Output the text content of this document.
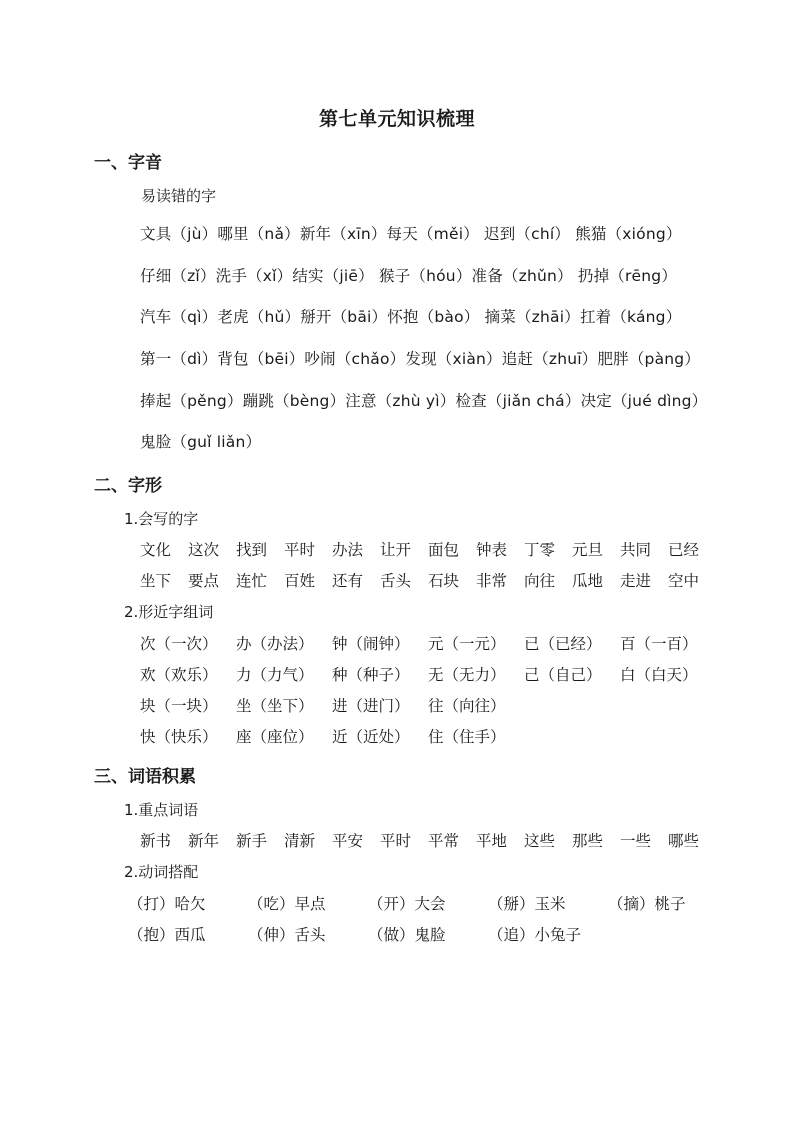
第七单元知识梳理
一、字音
易读错的字
文具（jù）哪里（nǎ）新年（xīn）每天（měi） 迟到（chí） 熊猫（xióng）
仔细（zǐ）洗手（xǐ）结实（jiē） 猴子（hóu）准备（zhǔn） 扔掉（rēng）
汽车（qì）老虎（hǔ）掰开（bāi）怀抱（bào） 摘菜（zhāi）扛着（káng）
第一（dì）背包（bēi）吵闹（chǎo）发现（xiàn）追赶（zhuī）肥胖（pàng）
捧起（pěng）蹦跳（bèng）注意（zhù yì）检查（jiǎn chá）决定（jué dìng）
鬼脸（guǐ liǎn）
二、字形
1.会写的字
文化	这次	找到	平时	办法	让开	面包	钟表	丁零	元旦	共同	已经
坐下	要点	连忙	百姓	还有	舌头	石块	非常	向往	瓜地	走进	空中
2.形近字组词
次（一次）	办（办法）	钟（闹钟）	元（一元）	已（已经）	百（一百）
欢（欢乐）	力（力气）	种（种子）	无（无力）	己（自己）	白（白天）
块（一块）	坐（坐下）	进（进门）	往（向往）
快（快乐）	座（座位）	近（近处）	住（住手）
三、词语积累
1.重点词语
新书	新年	新手	清新	平安	平时	平常	平地	这些	那些	一些	哪些
2.动词搭配
（打）哈欠	（吃）早点	（开）大会	（掰）玉米	（摘）桃子
（抱）西瓜	（伸）舌头	（做）鬼脸	（追）小兔子
